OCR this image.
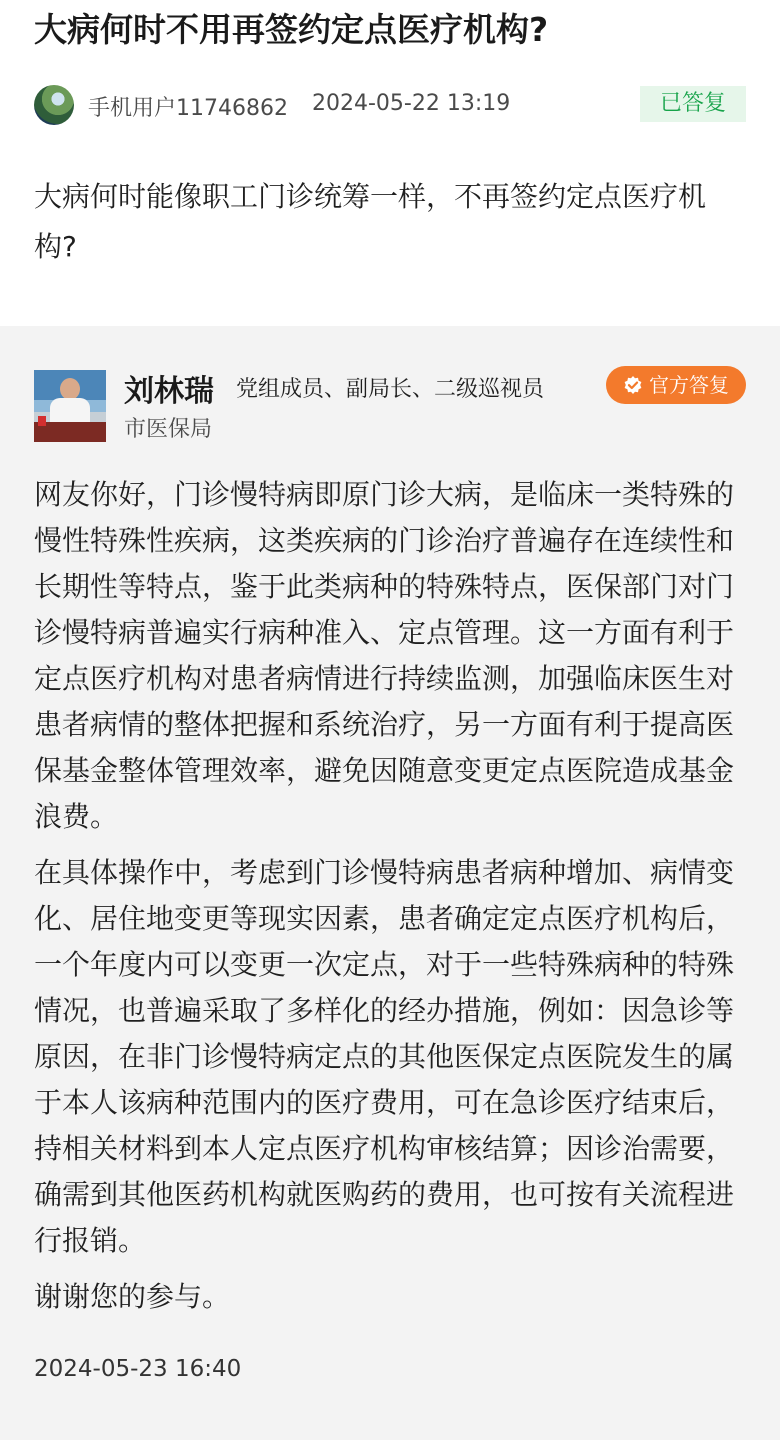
大病何时不用再签约定点医疗机构?
手机用户11746862 2024-05-22 13:19	已答复
大病何时能像职工门诊统筹一样，不再签约定点医疗机构?
刘林瑞 党组成员、副局长、二级巡视员	官方答复
市医保局

网友你好，门诊慢特病即原门诊大病，是临床一类特殊的慢性特殊性疾病，这类疾病的门诊治疗普遍存在连续性和长期性等特点，鉴于此类病种的特殊特点，医保部门对门诊慢特病普遍实行病种准入、定点管理。这一方面有利于定点医疗机构对患者病情进行持续监测，加强临床医生对患者病情的整体把握和系统治疗，另一方面有利于提高医保基金整体管理效率，避免因随意变更定点医院造成基金浪费。

在具体操作中，考虑到门诊慢特病患者病种增加、病情变化、居住地变更等现实因素，患者确定定点医疗机构后，一个年度内可以变更一次定点，对于一些特殊病种的特殊情况，也普遍采取了多样化的经办措施，例如：因急诊等原因，在非门诊慢特病定点的其他医保定点医院发生的属于本人该病种范围内的医疗费用，可在急诊医疗结束后，持相关材料到本人定点医疗机构审核结算；因诊治需要，确需到其他医药机构就医购药的费用，也可按有关流程进行报销。

谢谢您的参与。

2024-05-23 16:40
